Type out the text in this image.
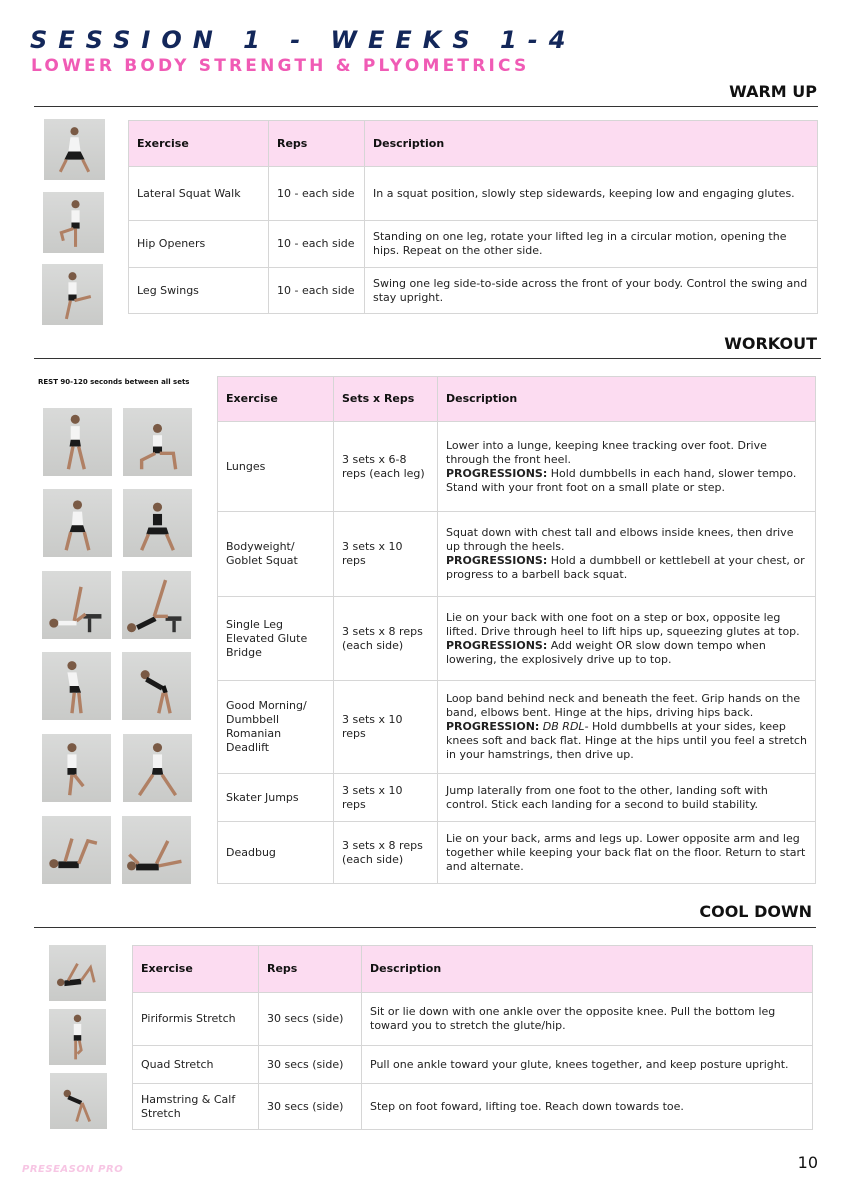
SESSION 1 - WEEKS 1-4
LOWER BODY STRENGTH & PLYOMETRICS
WARM UP
Exercise	Reps	Description
Lateral Squat Walk	10 - each side	In a squat position, slowly step sidewards, keeping low and engaging glutes.
Hip Openers	10 - each side	Standing on one leg, rotate your lifted leg in a circular motion, opening the hips. Repeat on the other side.
Leg Swings	10 - each side	Swing one leg side-to-side across the front of your body. Control the swing and stay upright.
WORKOUT
REST 90-120 seconds between all sets
Exercise	Sets x Reps	Description
Lunges	3 sets x 6-8 reps (each leg)	Lower into a lunge, keeping knee tracking over foot. Drive through the front heel.
PROGRESSIONS: Hold dumbbells in each hand, slower tempo. Stand with your front foot on a small plate or step.
Bodyweight/ Goblet Squat	3 sets x 10 reps	Squat down with chest tall and elbows inside knees, then drive up through the heels.
PROGRESSIONS: Hold a dumbbell or kettlebell at your chest, or progress to a barbell back squat.
Single Leg Elevated Glute Bridge	3 sets x 8 reps (each side)	Lie on your back with one foot on a step or box, opposite leg lifted. Drive through heel to lift hips up, squeezing glutes at top.
PROGRESSIONS: Add weight OR slow down tempo when lowering, the explosively drive up to top.
Good Morning/ Dumbbell Romanian Deadlift	3 sets x 10 reps	Loop band behind neck and beneath the feet. Grip hands on the band, elbows bent. Hinge at the hips, driving hips back.
PROGRESSION: DB RDL- Hold dumbbells at your sides, keep knees soft and back flat. Hinge at the hips until you feel a stretch in your hamstrings, then drive up.
Skater Jumps	3 sets x 10 reps	Jump laterally from one foot to the other, landing soft with control. Stick each landing for a second to build stability.
Deadbug	3 sets x 8 reps (each side)	Lie on your back, arms and legs up. Lower opposite arm and leg together while keeping your back flat on the floor. Return to start and alternate.
COOL DOWN
Exercise	Reps	Description
Piriformis Stretch	30 secs (side)	Sit or lie down with one ankle over the opposite knee. Pull the bottom leg toward you to stretch the glute/hip.
Quad Stretch	30 secs (side)	Pull one ankle toward your glute, knees together, and keep posture upright.
Hamstring & Calf Stretch	30 secs (side)	Step on foot foward, lifting toe. Reach down towards toe.
PRESEASON PRO	10
